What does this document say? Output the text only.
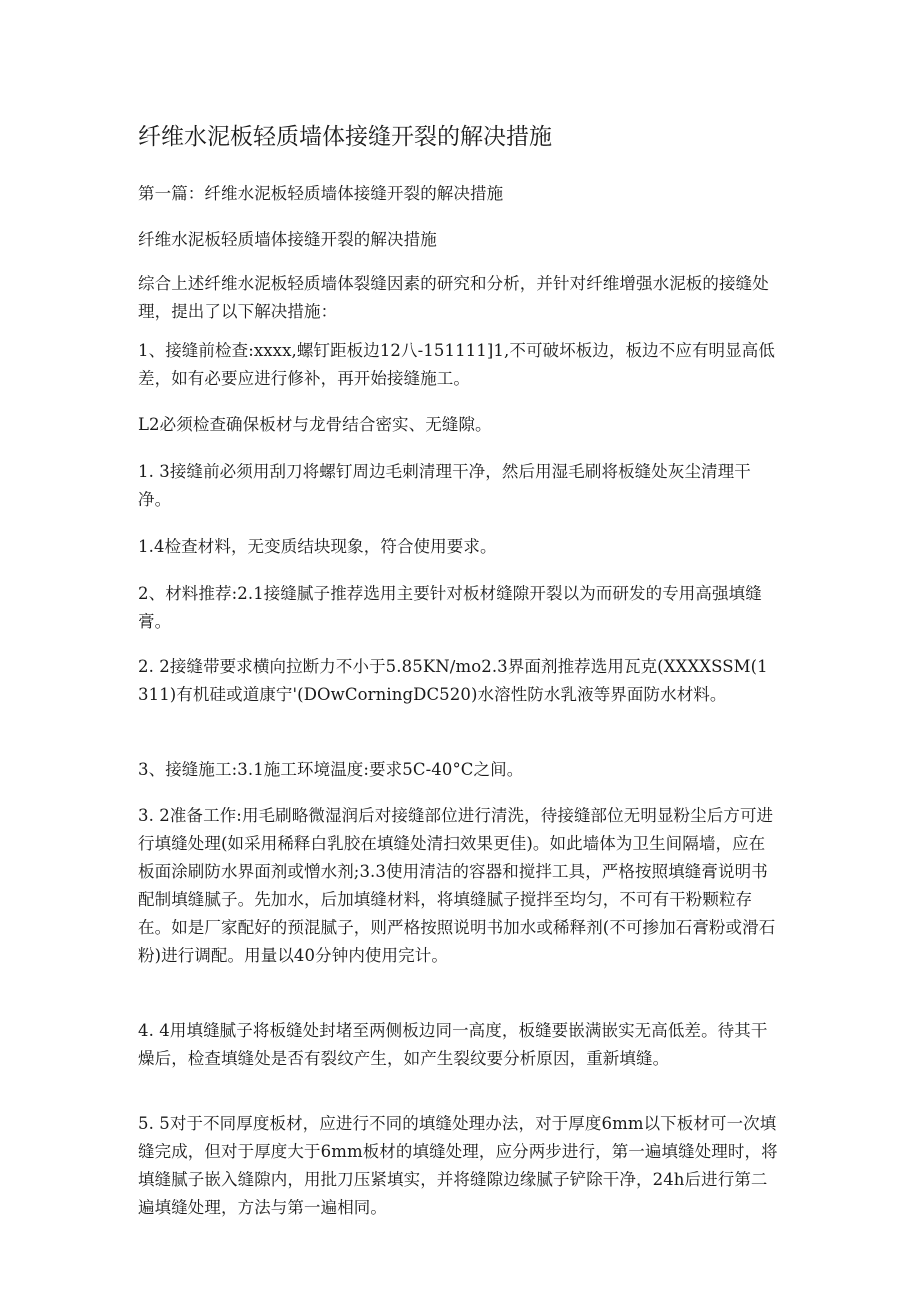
纤维水泥板轻质墙体接缝开裂的解决措施

第一篇：纤维水泥板轻质墙体接缝开裂的解决措施

纤维水泥板轻质墙体接缝开裂的解决措施

综合上述纤维水泥板轻质墙体裂缝因素的研究和分析，并针对纤维增强水泥板的接缝处理，提出了以下解决措施：

1、接缝前检查:xxxx,螺钉距板边12八-151111]1,不可破坏板边，板边不应有明显高低差，如有必要应进行修补，再开始接缝施工。

L2必须检查确保板材与龙骨结合密实、无缝隙。

1. 3接缝前必须用刮刀将螺钉周边毛刺清理干净，然后用湿毛刷将板缝处灰尘清理干净。

1.4检查材料，无变质结块现象，符合使用要求。

2、材料推荐:2.1接缝腻子推荐选用主要针对板材缝隙开裂以为而研发的专用高强填缝膏。

2. 2接缝带要求横向拉断力不小于5.85KN∕mo2.3界面剂推荐选用瓦克(XXXXSSM(1311)有机硅或道康宁'(DOwCorningDC520)水溶性防水乳液等界面防水材料。

3、接缝施工:3.1施工环境温度:要求5C-40°C之间。

3. 2准备工作:用毛刷略微湿润后对接缝部位进行清洗，待接缝部位无明显粉尘后方可进行填缝处理(如采用稀释白乳胶在填缝处清扫效果更佳)。如此墙体为卫生间隔墙，应在板面涂刷防水界面剂或憎水剂;3.3使用清洁的容器和搅拌工具，严格按照填缝膏说明书配制填缝腻子。先加水，后加填缝材料，将填缝腻子搅拌至均匀，不可有干粉颗粒存在。如是厂家配好的预混腻子，则严格按照说明书加水或稀释剂(不可掺加石膏粉或滑石粉)进行调配。用量以40分钟内使用完计。

4. 4用填缝腻子将板缝处封堵至两侧板边同一高度，板缝要嵌满嵌实无高低差。待其干燥后，检查填缝处是否有裂纹产生，如产生裂纹要分析原因，重新填缝。

5. 5对于不同厚度板材，应进行不同的填缝处理办法，对于厚度6mm以下板材可一次填缝完成，但对于厚度大于6mm板材的填缝处理，应分两步进行，第一遍填缝处理时，将填缝腻子嵌入缝隙内，用批刀压紧填实，并将缝隙边缘腻子铲除干净，24h后进行第二遍填缝处理，方法与第一遍相同。
